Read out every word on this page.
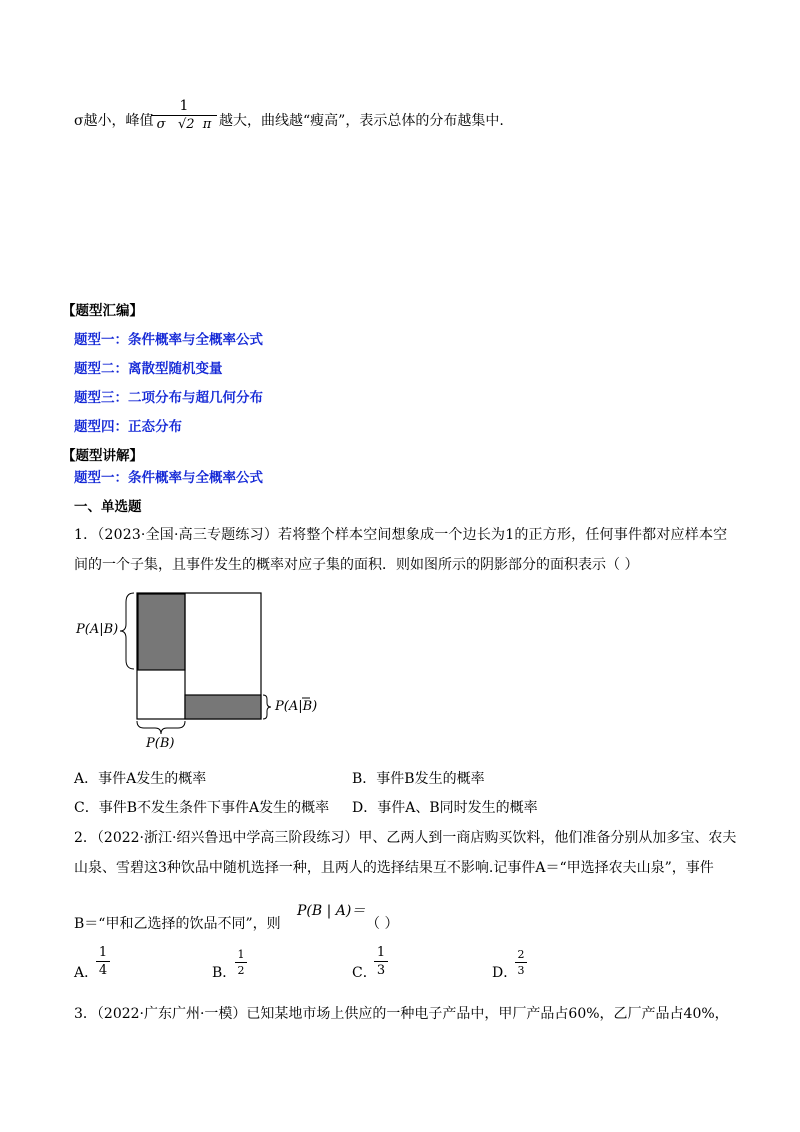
σ越小，峰值
1
σ   √2  π 越大，曲线越“瘦高”，表示总体的分布越集中.
【题型汇编】
题型一：条件概率与全概率公式
题型二：离散型随机变量
题型三：二项分布与超几何分布
题型四：正态分布
【题型讲解】
题型一：条件概率与全概率公式
一、单选题
1．（2023·全国·高三专题练习）若将整个样本空间想象成一个边长为1的正方形，任何事件都对应样本空
间的一个子集，且事件发生的概率对应子集的面积．则如图所示的阴影部分的面积表示（ ）
P(A|B)
P(A|B)
P(B)
A．事件A发生的概率	B．事件B发生的概率
C．事件B不发生条件下事件A发生的概率 D．事件A、B同时发生的概率
2．（2022·浙江·绍兴鲁迅中学高三阶段练习）甲、乙两人到一商店购买饮料，他们准备分别从加多宝、农夫
山泉、雪碧这3种饮品中随机选择一种，且两人的选择结果互不影响.记事件A＝“甲选择农夫山泉”，事件
B＝“甲和乙选择的饮品不同”，则
P(B | A)＝
（ ）
A．
1
4	B．
1
2	C．
1
3	D．
2
3
3．（2022·广东广州·一模）已知某地市场上供应的一种电子产品中，甲厂产品占60%，乙厂产品占40%，
